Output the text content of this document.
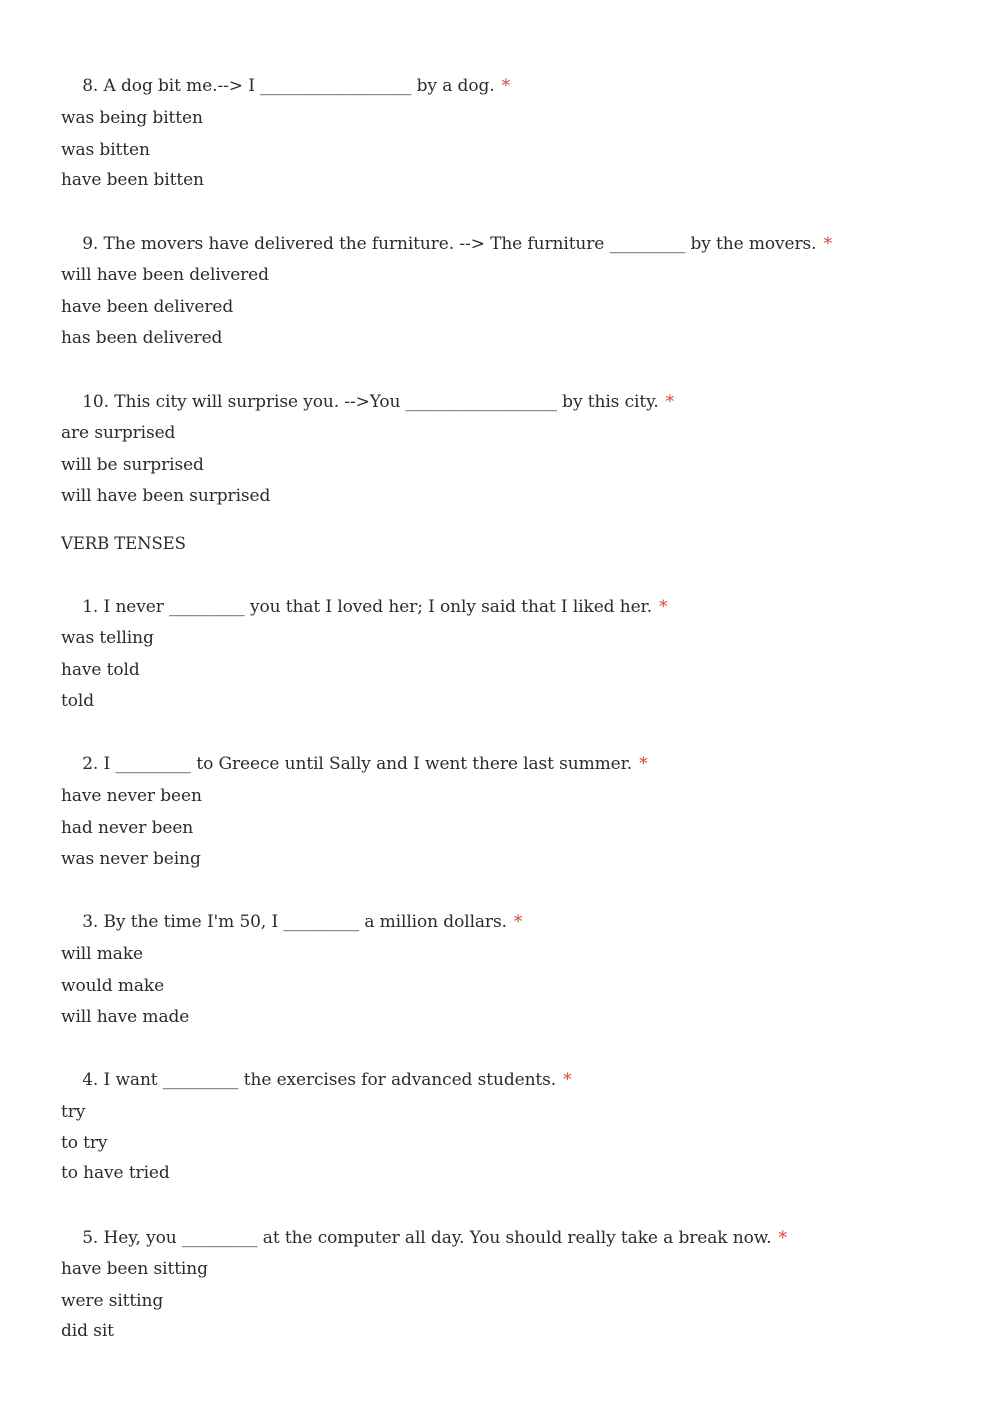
8. A dog bit me.--> I __________________ by a dog. *

was being bitten
was bitten
have been bitten

9. The movers have delivered the furniture. --> The furniture _________ by the movers. *

will have been delivered
have been delivered
has been delivered

10. This city will surprise you. -->You __________________ by this city. *

are surprised
will be surprised
will have been surprised
VERB TENSES

1. I never _________ you that I loved her; I only said that I liked her. *

was telling
have told
told

2. I _________ to Greece until Sally and I went there last summer. *

have never been
had never been
was never being

3. By the time I'm 50, I _________ a million dollars. *

will make
would make
will have made

4. I want _________ the exercises for advanced students. *

try
to try
to have tried

5. Hey, you _________ at the computer all day. You should really take a break now. *

have been sitting
were sitting
did sit
